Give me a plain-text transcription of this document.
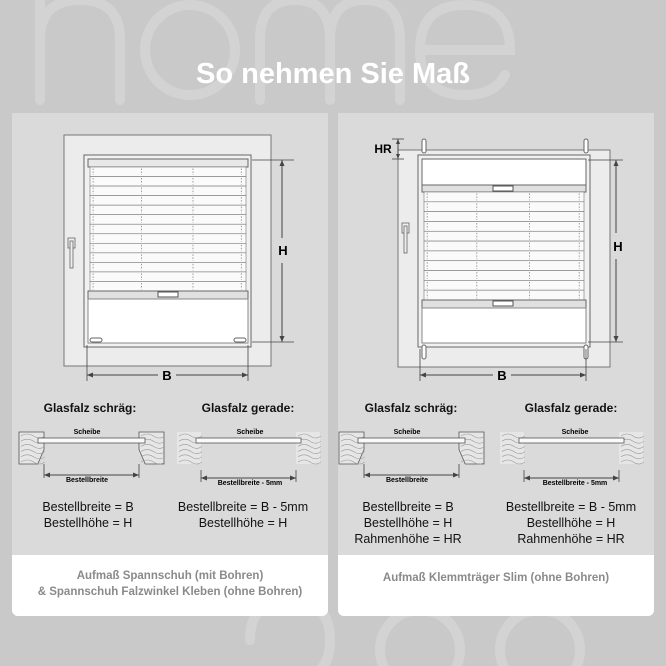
So nehmen Sie Maß
B
H
Scheibe
Bestellbreite
Scheibe
Bestellbreite - 5mm
Glasfalz schräg:	Glasfalz gerade:
Bestellbreite = B
Bestellhöhe = H
Bestellbreite = B - 5mm
Bestellhöhe = H
Aufmaß Spannschuh (mit Bohren)
& Spannschuh Falzwinkel Kleben (ohne Bohren)
B
H
HR
Scheibe
Bestellbreite
Scheibe
Bestellbreite - 5mm
Glasfalz schräg:	Glasfalz gerade:
Bestellbreite = B
Bestellhöhe = H
Rahmenhöhe = HR
Bestellbreite = B - 5mm
Bestellhöhe = H
Rahmenhöhe = HR
Aufmaß Klemmträger Slim (ohne Bohren)
